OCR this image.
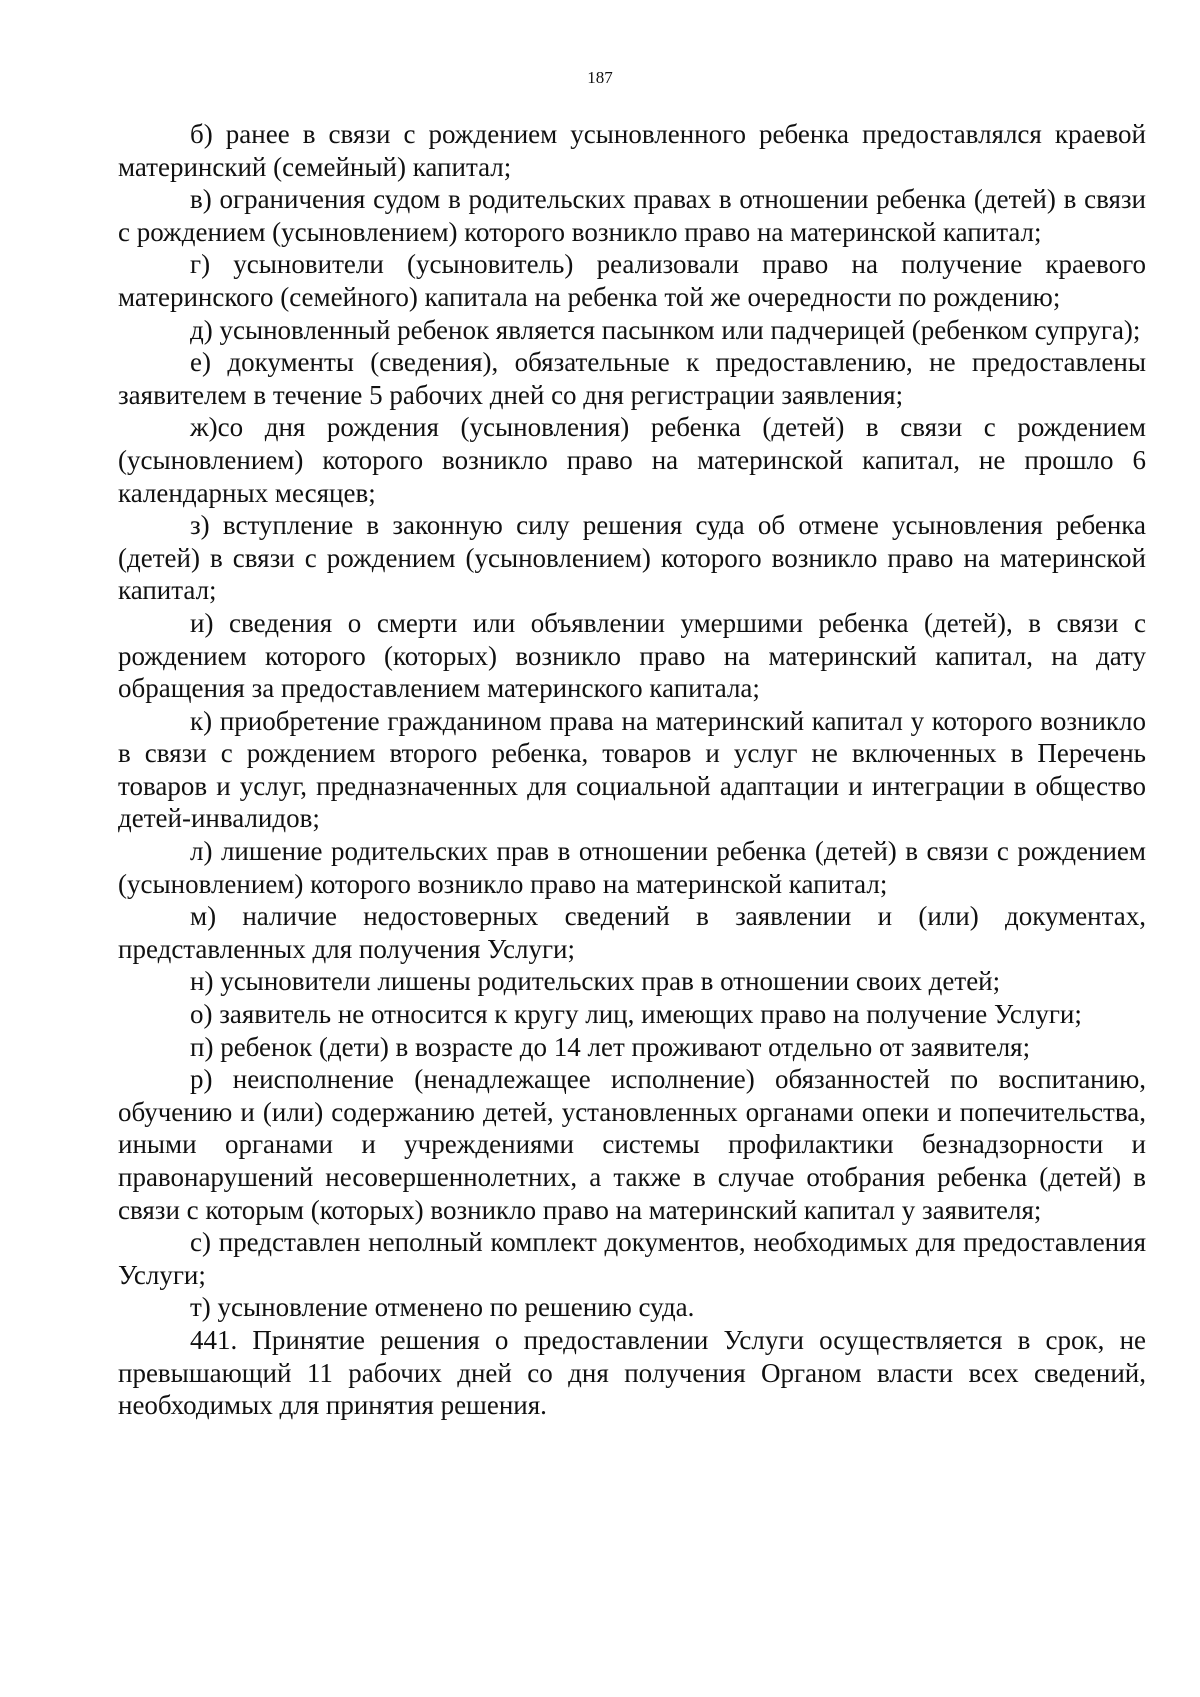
187

б) ранее в связи с рождением усыновленного ребенка предоставлялся краевой материнский (семейный) капитал;

в) ограничения судом в родительских правах в отношении ребенка (детей) в связи с рождением (усыновлением) которого возникло право на материнской капитал;

г) усыновители (усыновитель) реализовали право на получение краевого материнского (семейного) капитала на ребенка той же очередности по рождению;

д) усыновленный ребенок является пасынком или падчерицей (ребенком супруга);

е) документы (сведения), обязательные к предоставлению, не предоставлены заявителем в течение 5 рабочих дней со дня регистрации заявления;

ж)со дня рождения (усыновления) ребенка (детей) в связи с рождением (усыновлением) которого возникло право на материнской капитал, не прошло 6 календарных месяцев;

з) вступление в законную силу решения суда об отмене усыновления ребенка (детей) в связи с рождением (усыновлением) которого возникло право на материнской капитал;

и) сведения о смерти или объявлении умершими ребенка (детей), в связи с рождением которого (которых) возникло право на материнский капитал, на дату обращения за предоставлением материнского капитала;

к) приобретение гражданином права на материнский капитал у которого возникло в связи с рождением второго ребенка, товаров и услуг не включенных в Перечень товаров и услуг, предназначенных для социальной адаптации и интеграции в общество детей-инвалидов;

л) лишение родительских прав в отношении ребенка (детей) в связи с рождением (усыновлением) которого возникло право на материнской капитал;

м) наличие недостоверных сведений в заявлении и (или) документах, представленных для получения Услуги;

н) усыновители лишены родительских прав в отношении своих детей;

о) заявитель не относится к кругу лиц, имеющих право на получение Услуги;

п) ребенок (дети) в возрасте до 14 лет проживают отдельно от заявителя;

р) неисполнение (ненадлежащее исполнение) обязанностей по воспитанию, обучению и (или) содержанию детей, установленных органами опеки и попечительства, иными органами и учреждениями системы профилактики безнадзорности и правонарушений несовершеннолетних, а также в случае отобрания ребенка (детей) в связи с которым (которых) возникло право на материнский капитал у заявителя;

с) представлен неполный комплект документов, необходимых для предоставления Услуги;

т) усыновление отменено по решению суда.

441. Принятие решения о предоставлении Услуги осуществляется в срок, не превышающий 11 рабочих дней со дня получения Органом власти всех сведений, необходимых для принятия решения.
